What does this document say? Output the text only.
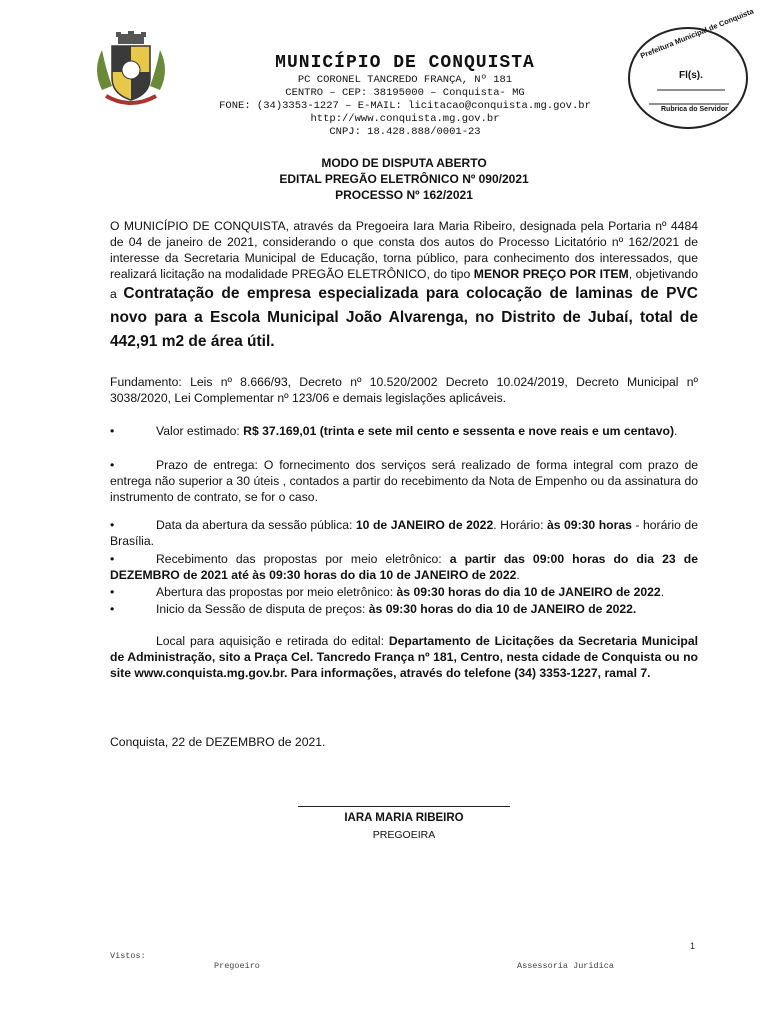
Prefeitura Municipal de Conquista
Fl(s).
Rubrica do Servidor
MUNICÍPIO DE CONQUISTA
PC CORONEL TANCREDO FRANÇA, Nº 181
CENTRO – CEP: 38195000 – Conquista- MG
FONE: (34)3353-1227 – E-MAIL: licitacao@conquista.mg.gov.br
http://www.conquista.mg.gov.br
CNPJ: 18.428.888/0001-23
MODO DE DISPUTA ABERTO
EDITAL PREGÃO ELETRÔNICO Nº 090/2021
PROCESSO Nº 162/2021
O MUNICÍPIO DE CONQUISTA, através da Pregoeira Iara Maria Ribeiro, designada pela Portaria nº 4484 de 04 de janeiro de 2021, considerando o que consta dos autos do Processo Licitatório nº 162/2021 de interesse da Secretaria Municipal de Educação, torna público, para conhecimento dos interessados, que realizará licitação na modalidade PREGÃO ELETRÔNICO, do tipo MENOR PREÇO POR ITEM, objetivando a Contratação de empresa especializada para colocação de laminas de PVC novo para a Escola Municipal João Alvarenga, no Distrito de Jubaí, total de 442,91 m2 de área útil.
Fundamento: Leis nº 8.666/93, Decreto nº 10.520/2002 Decreto 10.024/2019, Decreto Municipal nº 3038/2020, Lei Complementar nº 123/06 e demais legislações aplicáveis.
•	Valor estimado: R$ 37.169,01 (trinta e sete mil cento e sessenta e nove reais e um centavo).
•	Prazo de entrega: O fornecimento dos serviços será realizado de forma integral com prazo de entrega não superior a 30 úteis , contados a partir do recebimento da Nota de Empenho ou da assinatura do instrumento de contrato, se for o caso.
•	Data da abertura da sessão pública: 10 de JANEIRO de 2022. Horário: às 09:30 horas - horário de Brasília.
•	Recebimento das propostas por meio eletrônico: a partir das 09:00 horas do dia 23 de DEZEMBRO de 2021 até às 09:30 horas do dia 10 de JANEIRO de 2022.
•	Abertura das propostas por meio eletrônico: às 09:30 horas do dia 10 de JANEIRO de 2022.
•	Inicio da Sessão de disputa de preços: às 09:30 horas do dia 10 de JANEIRO de 2022.
Local para aquisição e retirada do edital: Departamento de Licitações da Secretaria Municipal de Administração, sito a Praça Cel. Tancredo França nº 181, Centro, nesta cidade de Conquista ou no site www.conquista.mg.gov.br. Para informações, através do telefone (34) 3353-1227, ramal 7.
Conquista, 22 de DEZEMBRO de 2021.
IARA MARIA RIBEIRO
PREGOEIRA
1
Vistos:
Pregoeiro	Assessoria Jurídica
